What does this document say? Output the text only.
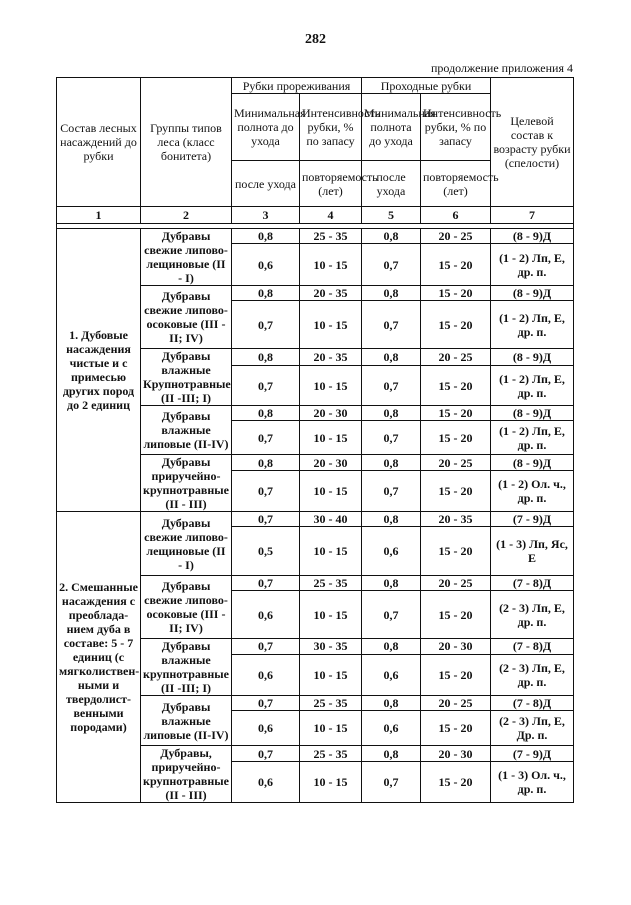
282
продолжение приложения 4
Состав лесных насаждений до рубки	Группы типов леса (класс бонитета)	Рубки прореживания		Проходные рубки		Целевой состав к возрасту рубки (спелости)
		Минимальная полнота до ухода	Интенсивность рубки, % по запасу	Минимальная полнота до ухода	Интенсивность рубки, % по запасу	
		после ухода	повторяемость (лет)	после ухода	повторяемость (лет)	
1	2	3	4	5	6	7

1. Дубовые насаждения чистые и с примесью других пород до 2 единиц	Дубравы свежие липово-лещиновые (II - I)	0,8	25 - 35	0,8	20 - 25	(8 - 9)Д
		0,6	10 - 15	0,7	15 - 20	(1 - 2) Лп, Е, др. п.
	Дубравы свежие липово-осоковые (III - II; IV)	0,8	20 - 35	0,8	15 - 20	(8 - 9)Д
		0,7	10 - 15	0,7	15 - 20	(1 - 2) Лп, Е, др. п.
	Дубравы влажные Крупнотравные (II -III; I)	0,8	20 - 35	0,8	20 - 25	(8 - 9)Д
		0,7	10 - 15	0,7	15 - 20	(1 - 2) Лп, Е, др. п.
	Дубравы влажные липовые (II-IV)	0,8	20 - 30	0,8	15 - 20	(8 - 9)Д
		0,7	10 - 15	0,7	15 - 20	(1 - 2) Лп, Е, др. п.
	Дубравы приручейно-крупнотравные (II - III)	0,8	20 - 30	0,8	20 - 25	(8 - 9)Д
		0,7	10 - 15	0,7	15 - 20	(1 - 2) Ол. ч., др. п.
2. Смешанные насаждения с преоблада-нием дуба в составе: 5 - 7 единиц (с мягколиствен-ными и твердолист-венными породами)	Дубравы свежие липово-лещиновые (II - I)	0,7	30 - 40	0,8	20 - 35	(7 - 9)Д
		0,5	10 - 15	0,6	15 - 20	(1 - 3) Лп, Яс, Е
	Дубравы свежие липово-осоковые (III - II; IV)	0,7	25 - 35	0,8	20 - 25	(7 - 8)Д
		0,6	10 - 15	0,7	15 - 20	(2 - 3) Лп, Е, др. п.
	Дубравы влажные крупнотравные (II -III; I)	0,7	30 - 35	0,8	20 - 30	(7 - 8)Д
		0,6	10 - 15	0,6	15 - 20	(2 - 3) Лп, Е, др. п.
	Дубравы влажные липовые (II-IV)	0,7	25 - 35	0,8	20 - 25	(7 - 8)Д
		0,6	10 - 15	0,6	15 - 20	(2 - 3) Лп, Е, Др. п.
	Дубравы, приручейно-крупнотравные (II - III)	0,7	25 - 35	0,8	20 - 30	(7 - 9)Д
		0,6	10 - 15	0,7	15 - 20	(1 - 3) Ол. ч., др. п.
